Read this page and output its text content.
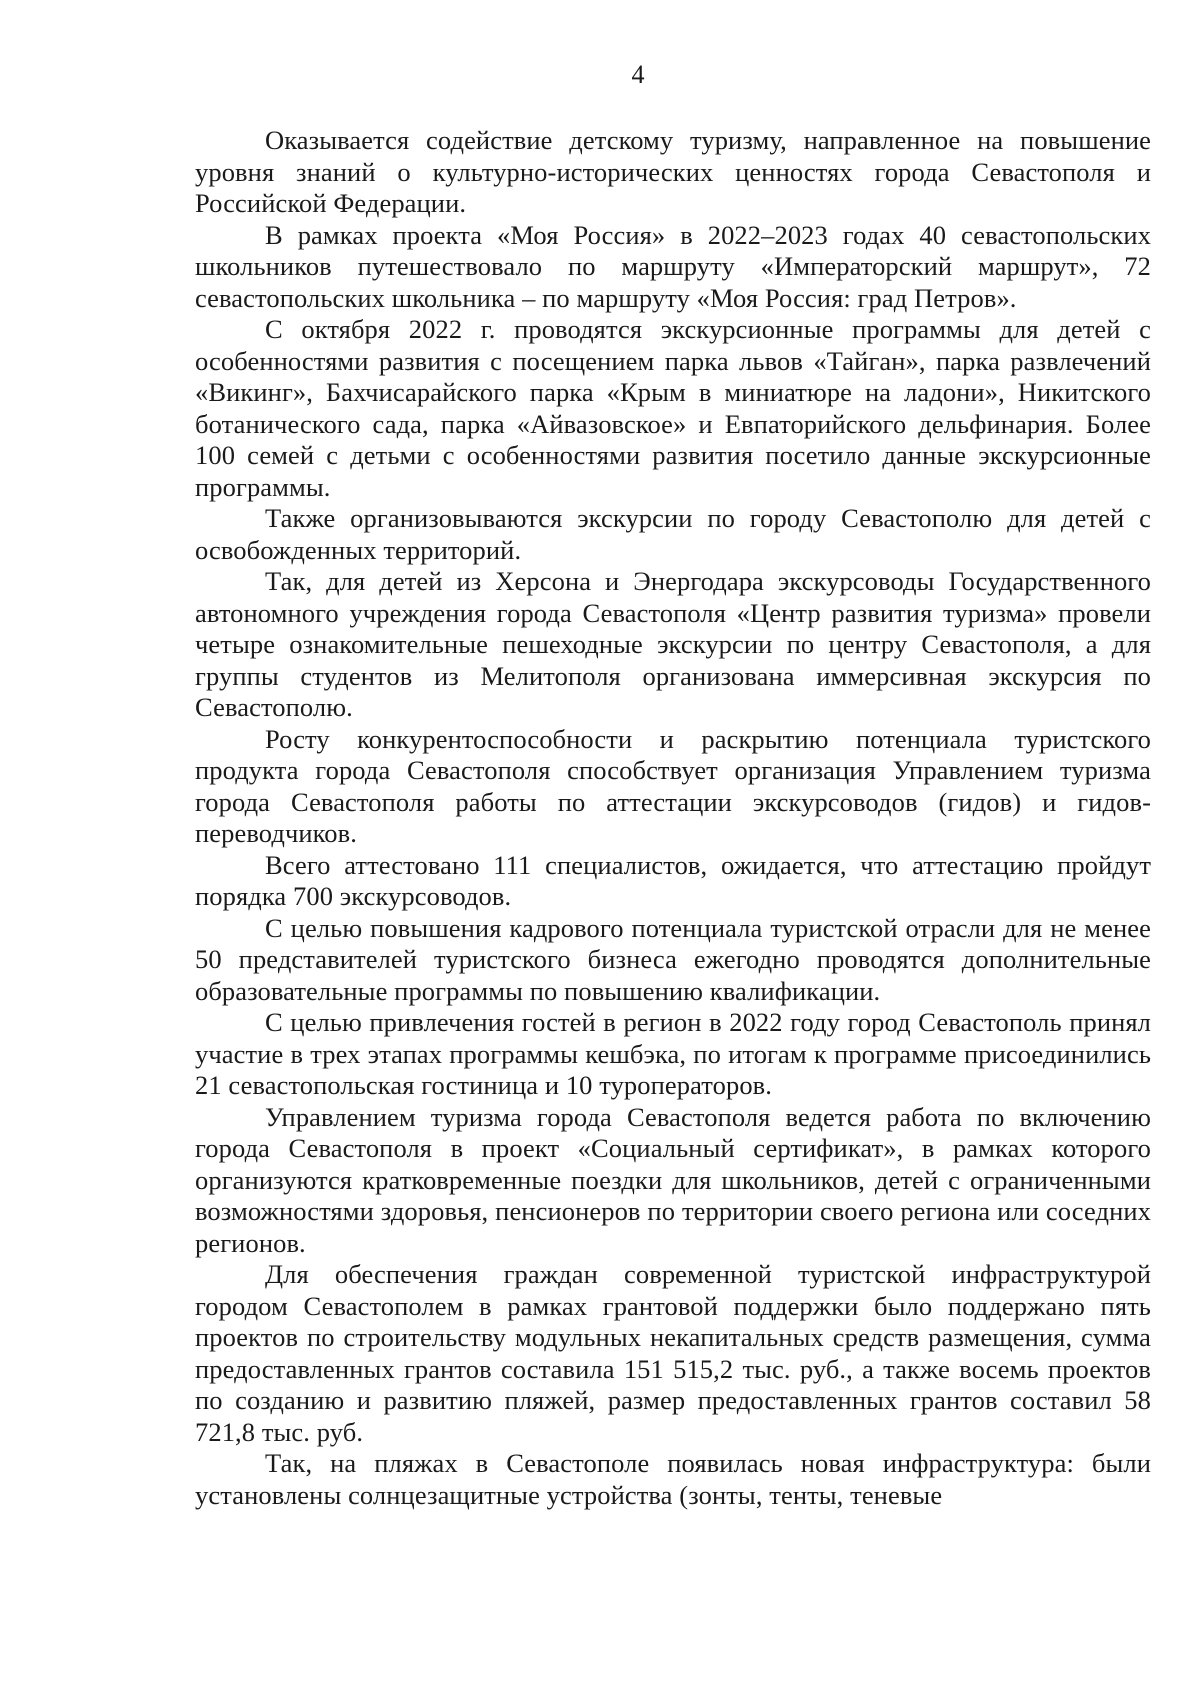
4

Оказывается содействие детскому туризму, направленное на повышение уровня знаний о культурно-исторических ценностях города Севастополя и Российской Федерации.

В рамках проекта «Моя Россия» в 2022–2023 годах 40 севастопольских школьников путешествовало по маршруту «Императорский маршрут», 72 севастопольских школьника – по маршруту «Моя Россия: град Петров».

С октября 2022 г. проводятся экскурсионные программы для детей с особенностями развития с посещением парка львов «Тайган», парка развлечений «Викинг», Бахчисарайского парка «Крым в миниатюре на ладони», Никитского ботанического сада, парка «Айвазовское» и Евпаторийского дельфинария. Более 100 семей с детьми с особенностями развития посетило данные экскурсионные программы.

Также организовываются экскурсии по городу Севастополю для детей с освобожденных территорий.

Так, для детей из Херсона и Энергодара экскурсоводы Государственного автономного учреждения города Севастополя «Центр развития туризма» провели четыре ознакомительные пешеходные экскурсии по центру Севастополя, а для группы студентов из Мелитополя организована иммерсивная экскурсия по Севастополю.

Росту конкурентоспособности и раскрытию потенциала туристского продукта города Севастополя способствует организация Управлением туризма города Севастополя работы по аттестации экскурсоводов (гидов) и гидов-переводчиков.

Всего аттестовано 111 специалистов, ожидается, что аттестацию пройдут порядка 700 экскурсоводов.

С целью повышения кадрового потенциала туристской отрасли для не менее 50 представителей туристского бизнеса ежегодно проводятся дополнительные образовательные программы по повышению квалификации.

С целью привлечения гостей в регион в 2022 году город Севастополь принял участие в трех этапах программы кешбэка, по итогам к программе присоединились 21 севастопольская гостиница и 10 туроператоров.

Управлением туризма города Севастополя ведется работа по включению города Севастополя в проект «Социальный сертификат», в рамках которого организуются кратковременные поездки для школьников, детей с ограниченными возможностями здоровья, пенсионеров по территории своего региона или соседних регионов.

Для обеспечения граждан современной туристской инфраструктурой городом Севастополем в рамках грантовой поддержки было поддержано пять проектов по строительству модульных некапитальных средств размещения, сумма предоставленных грантов составила 151 515,2 тыс. руб., а также восемь проектов по созданию и развитию пляжей, размер предоставленных грантов составил 58 721,8 тыс. руб.

Так, на пляжах в Севастополе появилась новая инфраструктура: были установлены солнцезащитные устройства (зонты, тенты, теневые
